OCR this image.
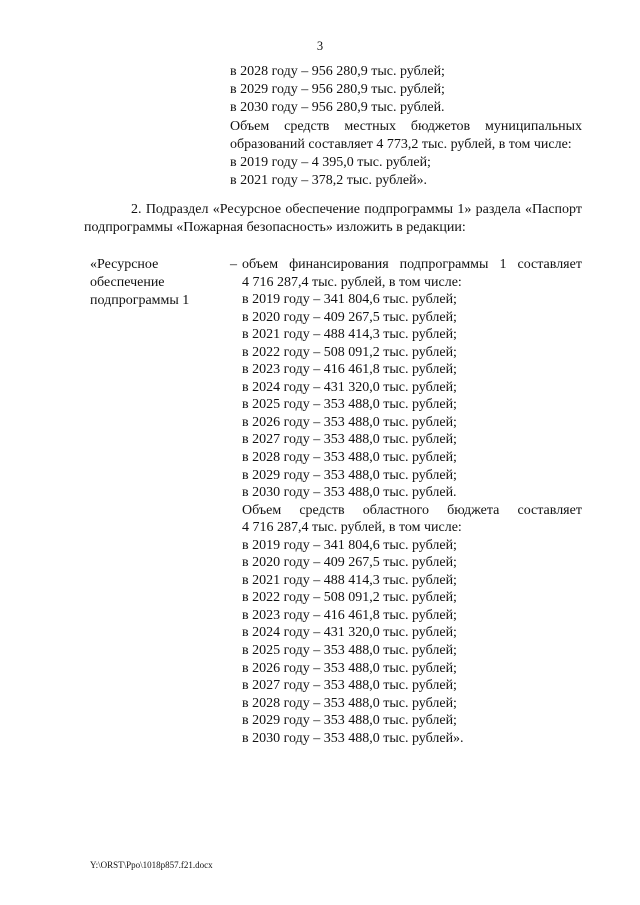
3
в 2028 году – 956 280,9 тыс. рублей;
в 2029 году – 956 280,9 тыс. рублей;
в 2030 году – 956 280,9 тыс. рублей.
Объем средств местных бюджетов муниципальных
образований составляет 4 773,2 тыс. рублей, в том числе:
в 2019 году – 4 395,0 тыс. рублей;
в 2021 году – 378,2 тыс. рублей».
2. Подраздел «Ресурсное обеспечение подпрограммы 1» раздела «Паспорт
подпрограммы «Пожарная безопасность» изложить в редакции:
«Ресурсное
обеспечение
подпрограммы 1
– объем финансирования подпрограммы 1 составляет
4 716 287,4 тыс. рублей, в том числе:
в 2019 году – 341 804,6 тыс. рублей;
в 2020 году – 409 267,5 тыс. рублей;
в 2021 году – 488 414,3 тыс. рублей;
в 2022 году – 508 091,2 тыс. рублей;
в 2023 году – 416 461,8 тыс. рублей;
в 2024 году – 431 320,0 тыс. рублей;
в 2025 году – 353 488,0 тыс. рублей;
в 2026 году – 353 488,0 тыс. рублей;
в 2027 году – 353 488,0 тыс. рублей;
в 2028 году – 353 488,0 тыс. рублей;
в 2029 году – 353 488,0 тыс. рублей;
в 2030 году – 353 488,0 тыс. рублей.
Объем средств областного бюджета составляет
4 716 287,4 тыс. рублей, в том числе:
в 2019 году – 341 804,6 тыс. рублей;
в 2020 году – 409 267,5 тыс. рублей;
в 2021 году – 488 414,3 тыс. рублей;
в 2022 году – 508 091,2 тыс. рублей;
в 2023 году – 416 461,8 тыс. рублей;
в 2024 году – 431 320,0 тыс. рублей;
в 2025 году – 353 488,0 тыс. рублей;
в 2026 году – 353 488,0 тыс. рублей;
в 2027 году – 353 488,0 тыс. рублей;
в 2028 году – 353 488,0 тыс. рублей;
в 2029 году – 353 488,0 тыс. рублей;
в 2030 году – 353 488,0 тыс. рублей».
Y:\ORST\Ppo\1018p857.f21.docx
